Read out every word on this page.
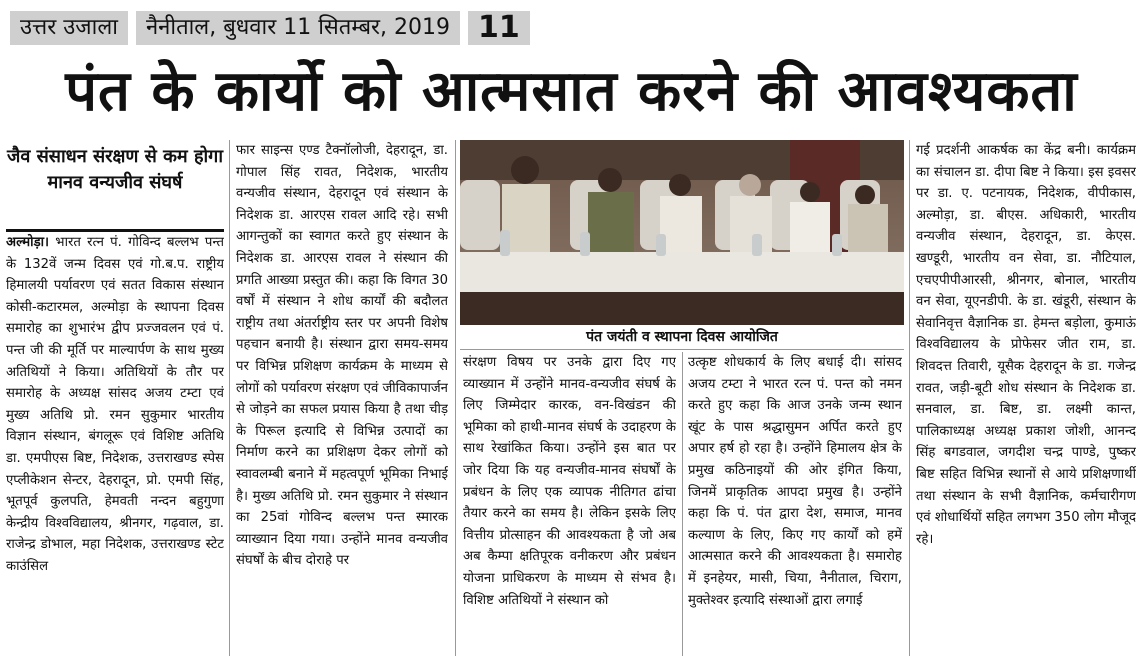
उत्तर उजाला	नैनीताल, बुधवार 11 सितम्बर, 2019 11
पंत के कार्यो को आत्मसात करने की आवश्यकता
जैव संसाधन संरक्षण से कम होगा मानव वन्यजीव संघर्ष

अल्मोड़ा। भारत रत्न पं. गोविन्द बल्लभ पन्त के 132वें जन्म दिवस एवं गो.ब.प. राष्ट्रीय हिमालयी पर्यावरण एवं सतत विकास संस्थान कोसी-कटारमल, अल्मोड़ा के स्थापना दिवस समारोह का शुभारंभ द्वीप प्रज्जवलन एवं पं. पन्त जी की मूर्ति पर माल्यार्पण के साथ मुख्य अतिथियों ने किया। अतिथियों के तौर पर समारोह के अध्यक्ष सांसद अजय टम्टा एवं मुख्य अतिथि प्रो. रमन सुकुमार भारतीय विज्ञान संस्थान, बंगलूरू एवं विशिष्ट अतिथि डा. एमपीएस बिष्ट, निदेशक, उत्तराखण्ड स्पेस एप्लीकेशन सेन्टर, देहरादून, प्रो. एमपी सिंह, भूतपूर्व कुलपति, हेमवती नन्दन बहुगुणा केन्द्रीय विश्वविद्यालय, श्रीनगर, गढ़वाल, डा. राजेन्द्र डोभाल, महा निदेशक, उत्तराखण्ड स्टेट काउंसिल

फार साइन्स एण्ड टैक्नॉलोजी, देहरादून, डा. गोपाल सिंह रावत, निदेशक, भारतीय वन्यजीव संस्थान, देहरादून एवं संस्थान के निदेशक डा. आरएस रावल आदि रहे। सभी आगन्तुकों का स्वागत करते हुए संस्थान के निदेशक डा. आरएस रावल ने संस्थान की प्रगति आख्या प्रस्तुत की। कहा कि विगत 30 वर्षों में संस्थान ने शोध कार्यों की बदौलत राष्ट्रीय तथा अंतर्राष्ट्रीय स्तर पर अपनी विशेष पहचान बनायी है। संस्थान द्वारा समय-समय पर विभिन्न प्रशिक्षण कार्यक्रम के माध्यम से लोगों को पर्यावरण संरक्षण एवं जीविकापार्जन से जोड़ने का सफल प्रयास किया है तथा चीड़ के पिरूल इत्यादि से विभिन्न उत्पादों का निर्माण करने का प्रशिक्षण देकर लोगों को स्वावलम्बी बनाने में महत्वपूर्ण भूमिका निभाई है। मुख्य अतिथि प्रो. रमन सुकुमार ने संस्थान का 25वां गोविन्द बल्लभ पन्त स्मारक व्याख्यान दिया गया। उन्होंने मानव वन्यजीव संघर्षों के बीच दोराहे पर

पंत जयंती व स्थापना दिवस आयोजित

संरक्षण विषय पर उनके द्वारा दिए गए व्याख्यान में उन्होंने मानव-वन्यजीव संघर्ष के लिए जिम्मेदार कारक, वन-विखंडन की भूमिका को हाथी-मानव संघर्ष के उदाहरण के साथ रेखांकित किया। उन्होंने इस बात पर जोर दिया कि यह वन्यजीव-मानव संघर्षों के प्रबंधन के लिए एक व्यापक नीतिगत ढांचा तैयार करने का समय है। लेकिन इसके लिए वित्तीय प्रोत्साहन की आवश्यकता है जो अब अब कैम्पा क्षतिपूरक वनीकरण और प्रबंधन योजना प्राधिकरण के माध्यम से संभव है। विशिष्ट अतिथियों ने संस्थान को

उत्कृष्ट शोधकार्य के लिए बधाई दी। सांसद अजय टम्टा ने भारत रत्न पं. पन्त को नमन करते हुए कहा कि आज उनके जन्म स्थान खूंट के पास श्रद्धासुमन अर्पित करते हुए अपार हर्ष हो रहा है। उन्होंने हिमालय क्षेत्र के प्रमुख कठिनाइयों की ओर इंगित किया, जिनमें प्राकृतिक आपदा प्रमुख है। उन्होंने कहा कि पं. पंत द्वारा देश, समाज, मानव कल्याण के लिए, किए गए कार्यों को हमें आत्मसात करने की आवश्यकता है। समारोह में इनहेयर, मासी, चिया, नैनीताल, चिराग, मुक्तेश्वर इत्यादि संस्थाओं द्वारा लगाई

गई प्रदर्शनी आकर्षक का केंद्र बनी। कार्यक्रम का संचालन डा. दीपा बिष्ट ने किया। इस इवसर पर डा. ए. पटनायक, निदेशक, वीपीकास, अल्मोड़ा, डा. बीएस. अधिकारी, भारतीय वन्यजीव संस्थान, देहरादून, डा. केएस. खण्डूरी, भारतीय वन सेवा, डा. नौटियाल, एचएपीपीआरसी, श्रीनगर, बोनाल, भारतीय वन सेवा, यूएनडीपी. के डा. खंडूरी, संस्थान के सेवानिवृत्त वैज्ञानिक डा. हेमन्त बड़ोला, कुमाऊं विश्वविद्यालय के प्रोफेसर जीत राम, डा. शिवदत्त तिवारी, यूसैक देहरादून के डा. गजेन्द्र रावत, जड़ी-बूटी शोध संस्थान के निदेशक डा. सनवाल, डा. बिष्ट, डा. लक्ष्मी कान्त, पालिकाध्यक्ष अध्यक्ष प्रकाश जोशी, आनन्द सिंह बगडवाल, जगदीश चन्द्र पाण्डे, पुष्कर बिष्ट सहित विभिन्न स्थानों से आये प्रशिक्षणार्थी तथा संस्थान के सभी वैज्ञानिक, कर्मचारीगण एवं शोधार्थियों सहित लगभग 350 लोग मौजूद रहे।
